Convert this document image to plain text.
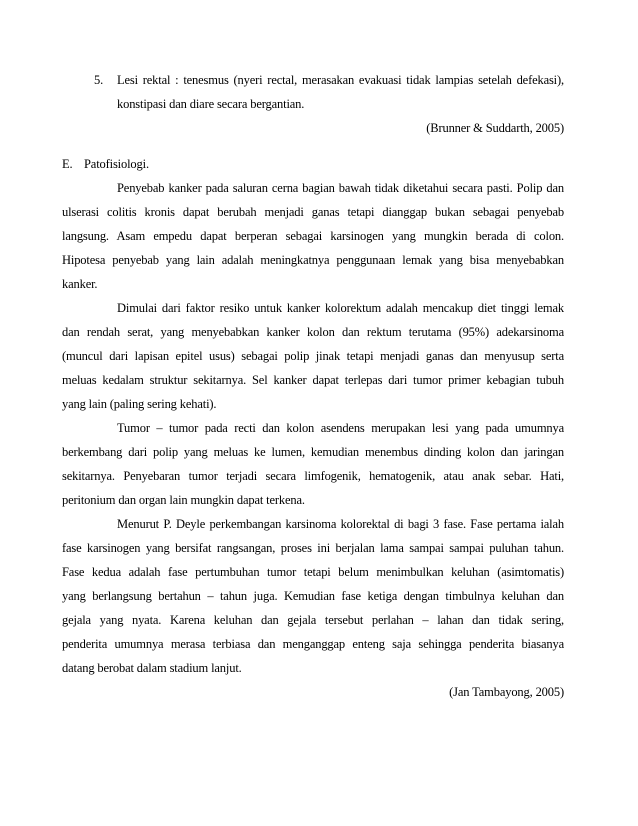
5. Lesi rektal : tenesmus (nyeri rectal, merasakan evakuasi tidak lampias setelah defekasi),
konstipasi dan diare secara bergantian.
(Brunner & Suddarth, 2005)
E. Patofisiologi.
Penyebab kanker pada saluran cerna bagian bawah tidak diketahui secara pasti. Polip dan
ulserasi colitis kronis dapat berubah menjadi ganas tetapi dianggap bukan sebagai penyebab
langsung. Asam empedu dapat berperan sebagai karsinogen yang mungkin berada di colon.
Hipotesa penyebab yang lain adalah meningkatnya penggunaan lemak yang bisa menyebabkan
kanker.
Dimulai dari faktor resiko untuk kanker kolorektum adalah mencakup diet tinggi lemak
dan rendah serat, yang menyebabkan kanker kolon dan rektum terutama (95%) adekarsinoma
(muncul dari lapisan epitel usus) sebagai polip jinak tetapi menjadi ganas dan menyusup serta
meluas kedalam struktur sekitarnya. Sel kanker dapat terlepas dari tumor primer kebagian tubuh
yang lain (paling sering kehati).
Tumor – tumor pada recti dan kolon asendens merupakan lesi yang pada umumnya
berkembang dari polip yang meluas ke lumen, kemudian menembus dinding kolon dan jaringan
sekitarnya. Penyebaran tumor terjadi secara limfogenik, hematogenik, atau anak sebar. Hati,
peritonium dan organ lain mungkin dapat terkena.
Menurut P. Deyle perkembangan karsinoma kolorektal di bagi 3 fase. Fase pertama ialah
fase karsinogen yang bersifat rangsangan, proses ini berjalan lama sampai sampai puluhan tahun.
Fase kedua adalah fase pertumbuhan tumor tetapi belum menimbulkan keluhan (asimtomatis)
yang berlangsung bertahun – tahun juga. Kemudian fase ketiga dengan timbulnya keluhan dan
gejala yang nyata. Karena keluhan dan gejala tersebut perlahan – lahan dan tidak sering,
penderita umumnya merasa terbiasa dan menganggap enteng saja sehingga penderita biasanya
datang berobat dalam stadium lanjut.
(Jan Tambayong, 2005)
